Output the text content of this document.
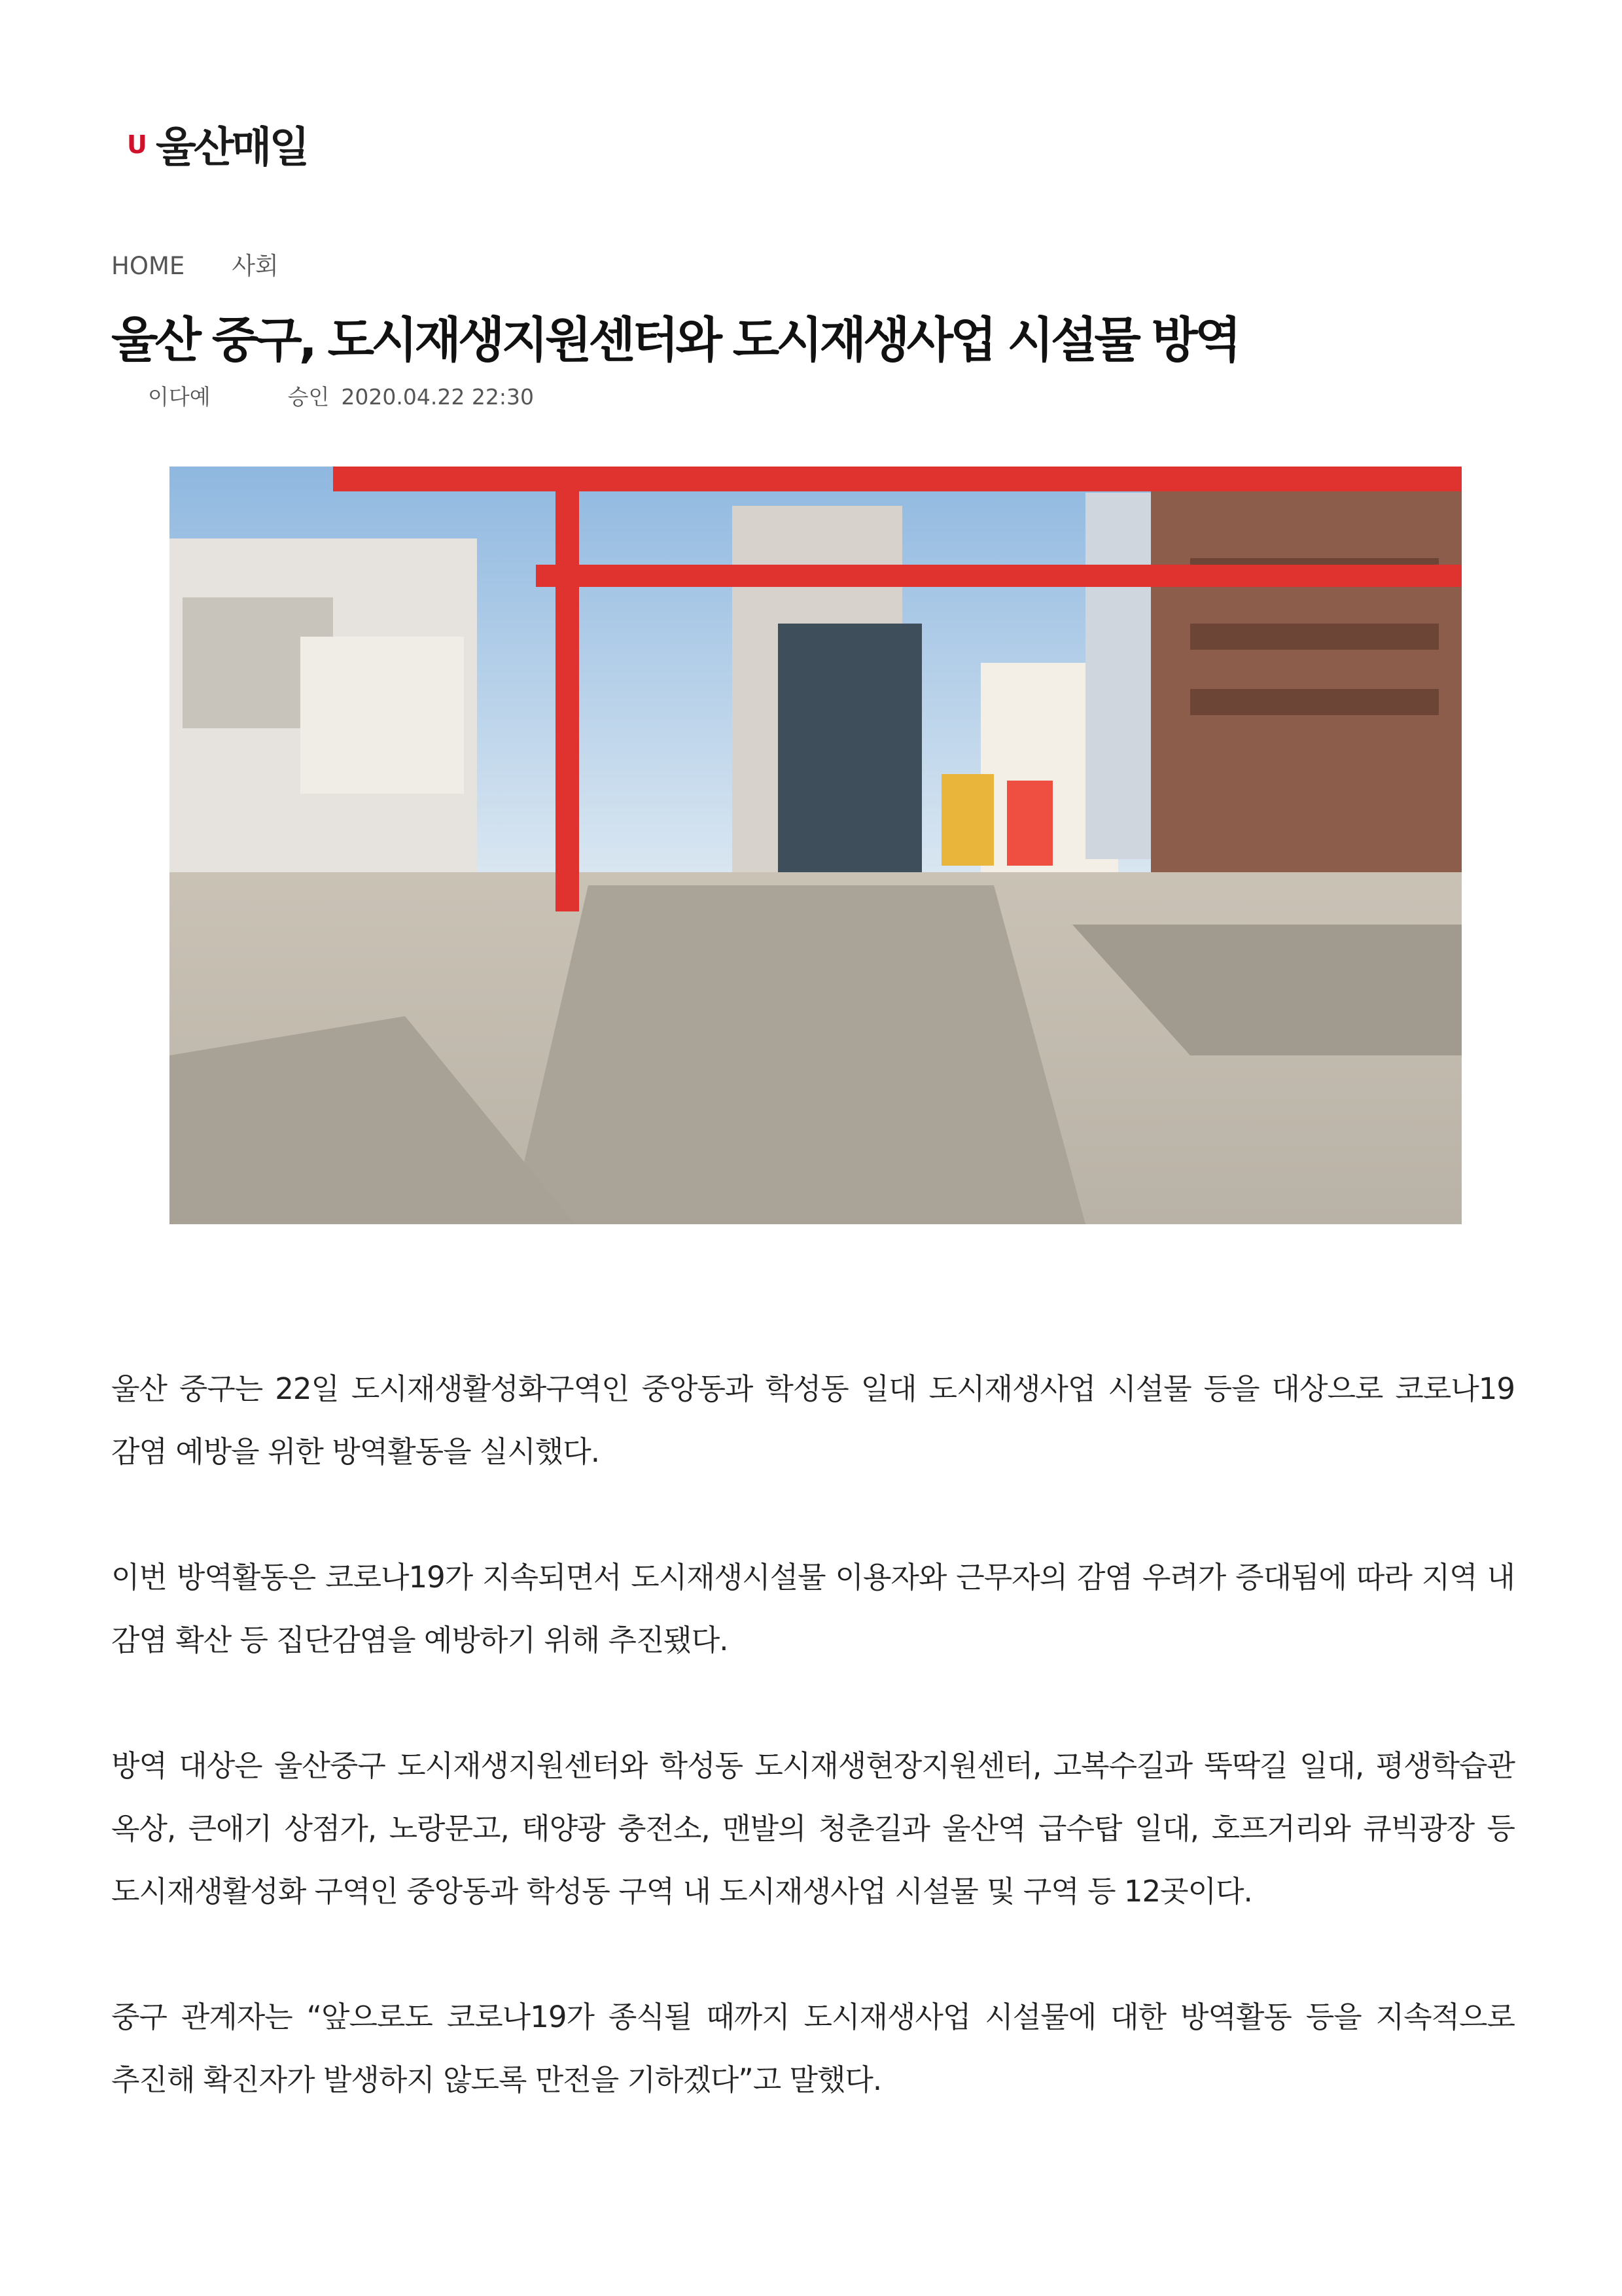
U 울산매일
HOME 사회
울산 중구, 도시재생지원센터와 도시재생사업 시설물 방역
이다예	승인 2020.04.22 22:30

울산 중구는 22일 도시재생활성화구역인 중앙동과 학성동 일대 도시재생사업 시설물 등을 대상으로 코로나19 감염 예방을 위한 방역활동을 실시했다.

이번 방역활동은 코로나19가 지속되면서 도시재생시설물 이용자와 근무자의 감염 우려가 증대됨에 따라 지역 내 감염 확산 등 집단감염을 예방하기 위해 추진됐다.

방역 대상은 울산중구 도시재생지원센터와 학성동 도시재생현장지원센터, 고복수길과 뚝딱길 일대, 평생학습관 옥상, 큰애기 상점가, 노랑문고, 태양광 충전소, 맨발의 청춘길과 울산역 급수탑 일대, 호프거리와 큐빅광장 등 도시재생활성화 구역인 중앙동과 학성동 구역 내 도시재생사업 시설물 및 구역 등 12곳이다.

중구 관계자는 “앞으로도 코로나19가 종식될 때까지 도시재생사업 시설물에 대한 방역활동 등을 지속적으로 추진해 확진자가 발생하지 않도록 만전을 기하겠다”고 말했다.
